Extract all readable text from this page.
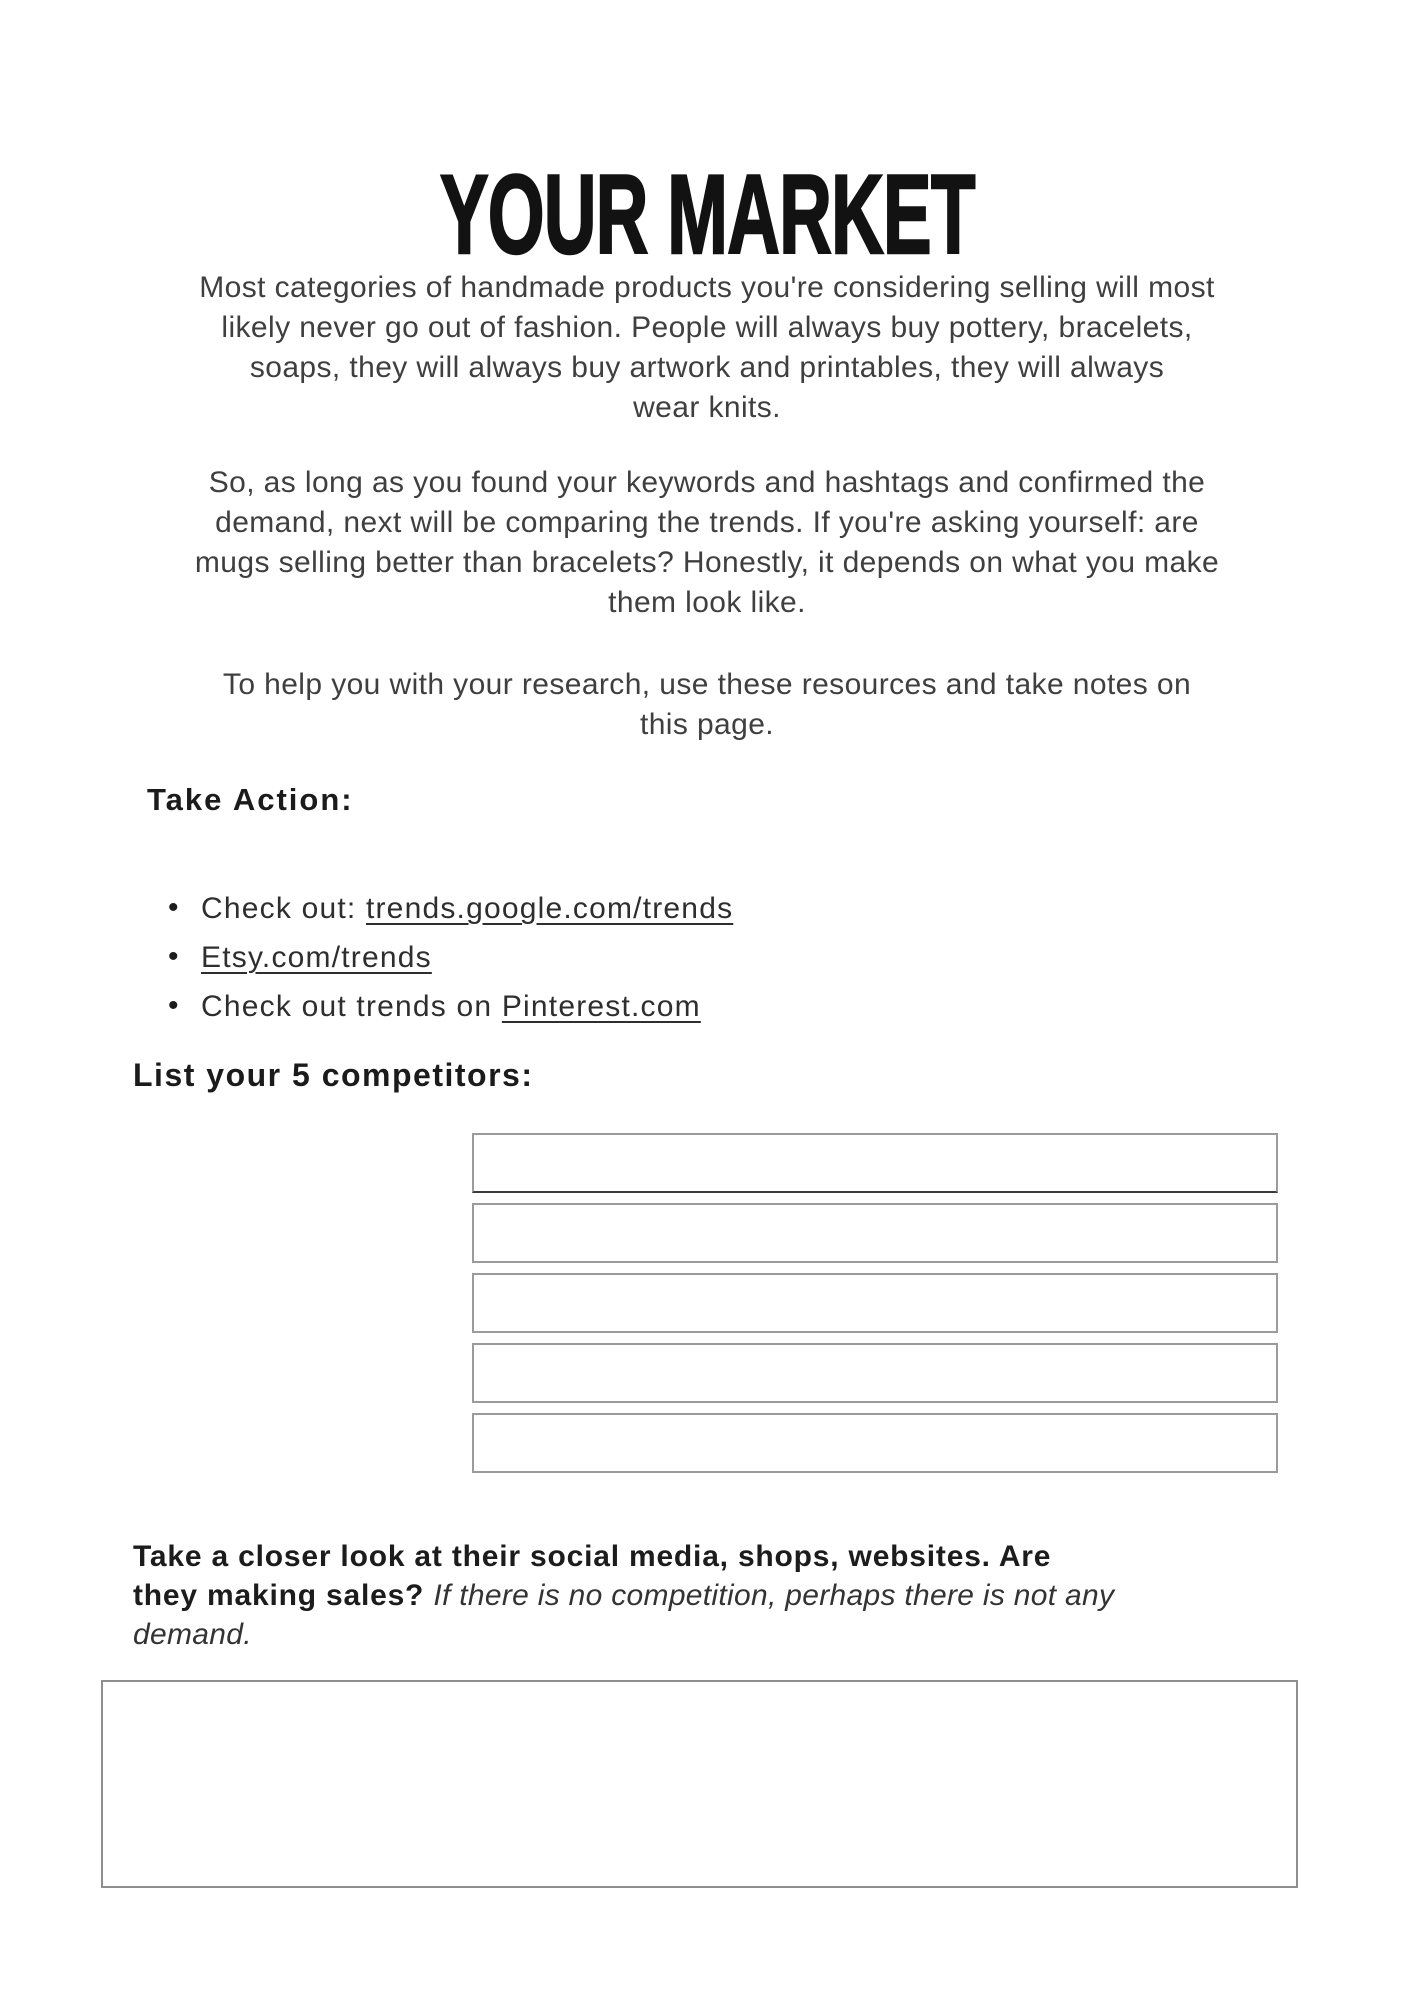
YOUR MARKET
Most categories of handmade products you're considering selling will most
likely never go out of fashion. People will always buy pottery, bracelets,
soaps, they will always buy artwork and printables, they will always
wear knits.
So, as long as you found your keywords and hashtags and confirmed the
demand, next will be comparing the trends. If you're asking yourself: are
mugs selling better than bracelets? Honestly, it depends on what you make
them look like.
To help you with your research, use these resources and take notes on
this page.
Take Action:
• Check out: trends.google.com/trends
• Etsy.com/trends
• Check out trends on Pinterest.com
List your 5 competitors:
Take a closer look at their social media, shops, websites. Are
they making sales? If there is no competition, perhaps there is not any
demand.
